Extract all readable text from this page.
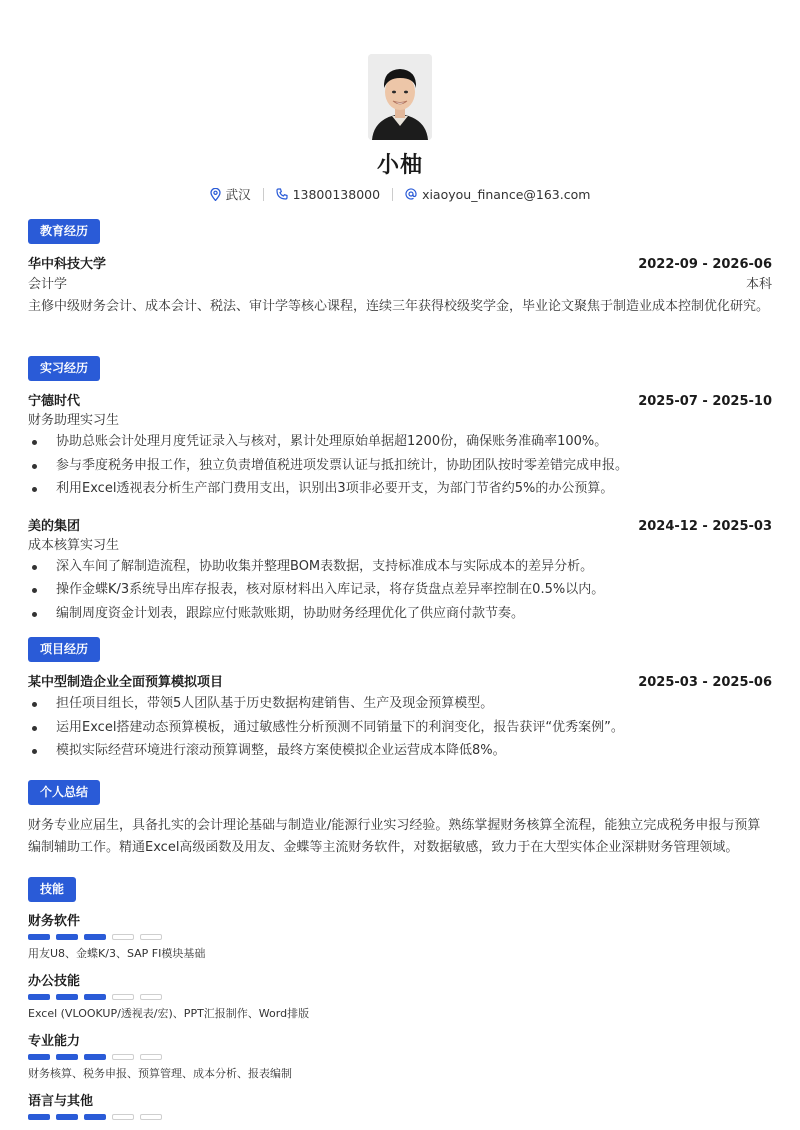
小柚
武汉	13800138000	xiaoyou_finance@163.com
教育经历
华中科技大学	2022-09 - 2026-06
会计学	本科
主修中级财务会计、成本会计、税法、审计学等核心课程，连续三年获得校级奖学金，毕业论文聚焦于制造业成本控制优化研究。
实习经历
宁德时代	2025-07 - 2025-10
财务助理实习生
协助总账会计处理月度凭证录入与核对，累计处理原始单据超1200份，确保账务准确率100%。
参与季度税务申报工作，独立负责增值税进项发票认证与抵扣统计，协助团队按时零差错完成申报。
利用Excel透视表分析生产部门费用支出，识别出3项非必要开支，为部门节省约5%的办公预算。
美的集团	2024-12 - 2025-03
成本核算实习生
深入车间了解制造流程，协助收集并整理BOM表数据，支持标准成本与实际成本的差异分析。
操作金蝶K/3系统导出库存报表，核对原材料出入库记录，将存货盘点差异率控制在0.5%以内。
编制周度资金计划表，跟踪应付账款账期，协助财务经理优化了供应商付款节奏。
项目经历
某中型制造企业全面预算模拟项目	2025-03 - 2025-06
担任项目组长，带领5人团队基于历史数据构建销售、生产及现金预算模型。
运用Excel搭建动态预算模板，通过敏感性分析预测不同销量下的利润变化，报告获评“优秀案例”。
模拟实际经营环境进行滚动预算调整，最终方案使模拟企业运营成本降低8%。
个人总结
财务专业应届生，具备扎实的会计理论基础与制造业/能源行业实习经验。熟练掌握财务核算全流程，能独立完成税务申报与预算编制辅助工作。精通Excel高级函数及用友、金蝶等主流财务软件，对数据敏感，致力于在大型实体企业深耕财务管理领域。
技能
财务软件
用友U8、金蝶K/3、SAP FI模块基础
办公技能
Excel (VLOOKUP/透视表/宏)、PPT汇报制作、Word排版
专业能力
财务核算、税务申报、预算管理、成本分析、报表编制
语言与其他
